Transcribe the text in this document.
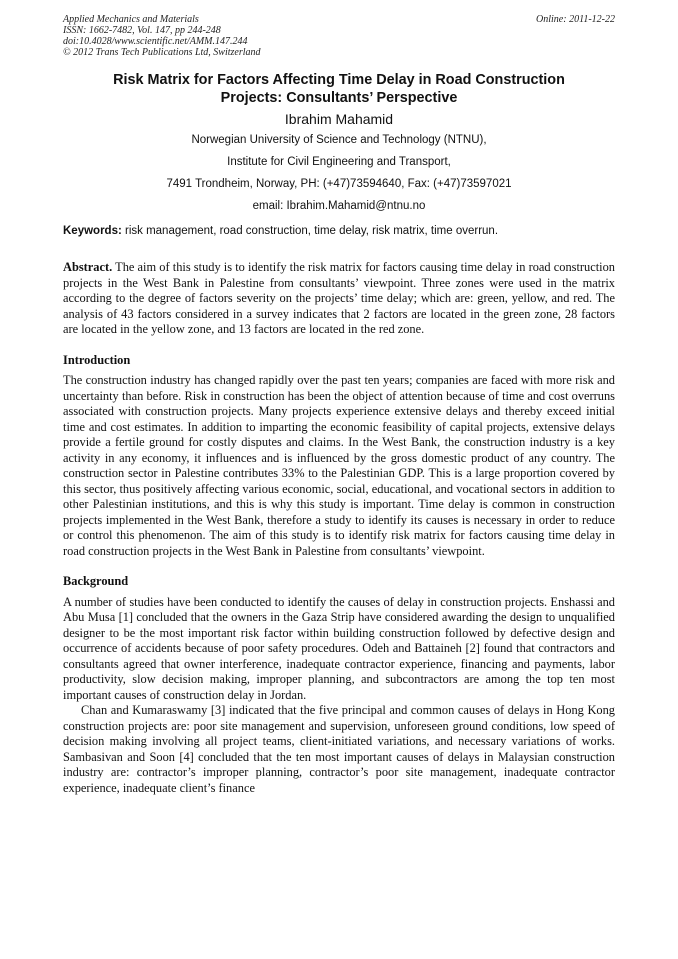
Applied Mechanics and Materials
ISSN: 1662-7482, Vol. 147, pp 244-248
doi:10.4028/www.scientific.net/AMM.147.244
© 2012 Trans Tech Publications Ltd, Switzerland
Online: 2011-12-22
Risk Matrix for Factors Affecting Time Delay in Road Construction Projects: Consultants’ Perspective
Ibrahim Mahamid
Norwegian University of Science and Technology (NTNU),
Institute for Civil Engineering and Transport,
7491 Trondheim, Norway, PH: (+47)73594640, Fax: (+47)73597021
email: Ibrahim.Mahamid@ntnu.no
Keywords: risk management, road construction, time delay, risk matrix, time overrun.
Abstract. The aim of this study is to identify the risk matrix for factors causing time delay in road construction projects in the West Bank in Palestine from consultants’ viewpoint. Three zones were used in the matrix according to the degree of factors severity on the projects’ time delay; which are: green, yellow, and red. The analysis of 43 factors considered in a survey indicates that 2 factors are located in the green zone, 28 factors are located in the yellow zone, and 13 factors are located in the red zone.
Introduction
The construction industry has changed rapidly over the past ten years; companies are faced with more risk and uncertainty than before. Risk in construction has been the object of attention because of time and cost overruns associated with construction projects. Many projects experience extensive delays and thereby exceed initial time and cost estimates. In addition to imparting the economic feasibility of capital projects, extensive delays provide a fertile ground for costly disputes and claims. In the West Bank, the construction industry is a key activity in any economy, it influences and is influenced by the gross domestic product of any country. The construction sector in Palestine contributes 33% to the Palestinian GDP. This is a large proportion covered by this sector, thus positively affecting various economic, social, educational, and vocational sectors in addition to other Palestinian institutions, and this is why this study is important. Time delay is common in construction projects implemented in the West Bank, therefore a study to identify its causes is necessary in order to reduce or control this phenomenon. The aim of this study is to identify risk matrix for factors causing time delay in road construction projects in the West Bank in Palestine from consultants’ viewpoint.
Background
A number of studies have been conducted to identify the causes of delay in construction projects. Enshassi and Abu Musa [1] concluded that the owners in the Gaza Strip have considered awarding the design to unqualified designer to be the most important risk factor within building construction followed by defective design and occurrence of accidents because of poor safety procedures. Odeh and Battaineh [2] found that contractors and consultants agreed that owner interference, inadequate contractor experience, financing and payments, labor productivity, slow decision making, improper planning, and subcontractors are among the top ten most important causes of construction delay in Jordan.
Chan and Kumaraswamy [3] indicated that the five principal and common causes of delays in Hong Kong construction projects are: poor site management and supervision, unforeseen ground conditions, low speed of decision making involving all project teams, client-initiated variations, and necessary variations of works. Sambasivan and Soon [4] concluded that the ten most important causes of delays in Malaysian construction industry are: contractor’s improper planning, contractor’s poor site management, inadequate contractor experience, inadequate client’s finance
